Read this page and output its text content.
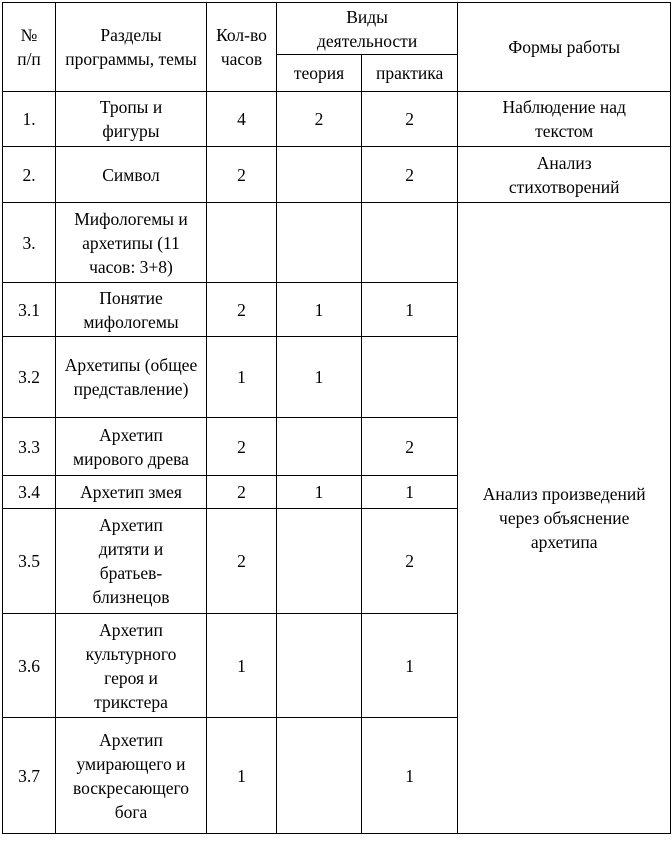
№ п/п	Разделы программы, темы	Кол-во часов	Виды деятельности		Формы работы
			теория	практика	
1.	Тропы и фигуры	4	2	2	Наблюдение над текстом
2.	Символ	2		2	Анализ стихотворений
3.	Мифологемы и архетипы (11 часов: 3+8)				Анализ произведений через объяснение архетипа
3.1	Понятие мифологемы	2	1	1	
3.2	Архетипы (общее представление)	1	1		
3.3	Архетип мирового древа	2		2	
3.4	Архетип змея	2	1	1	
3.5	Архетип дитяти и братьев-близнецов	2		2	
3.6	Архетип культурного героя и трикстера	1		1	
3.7	Архетип умирающего и воскресающего бога	1		1	
